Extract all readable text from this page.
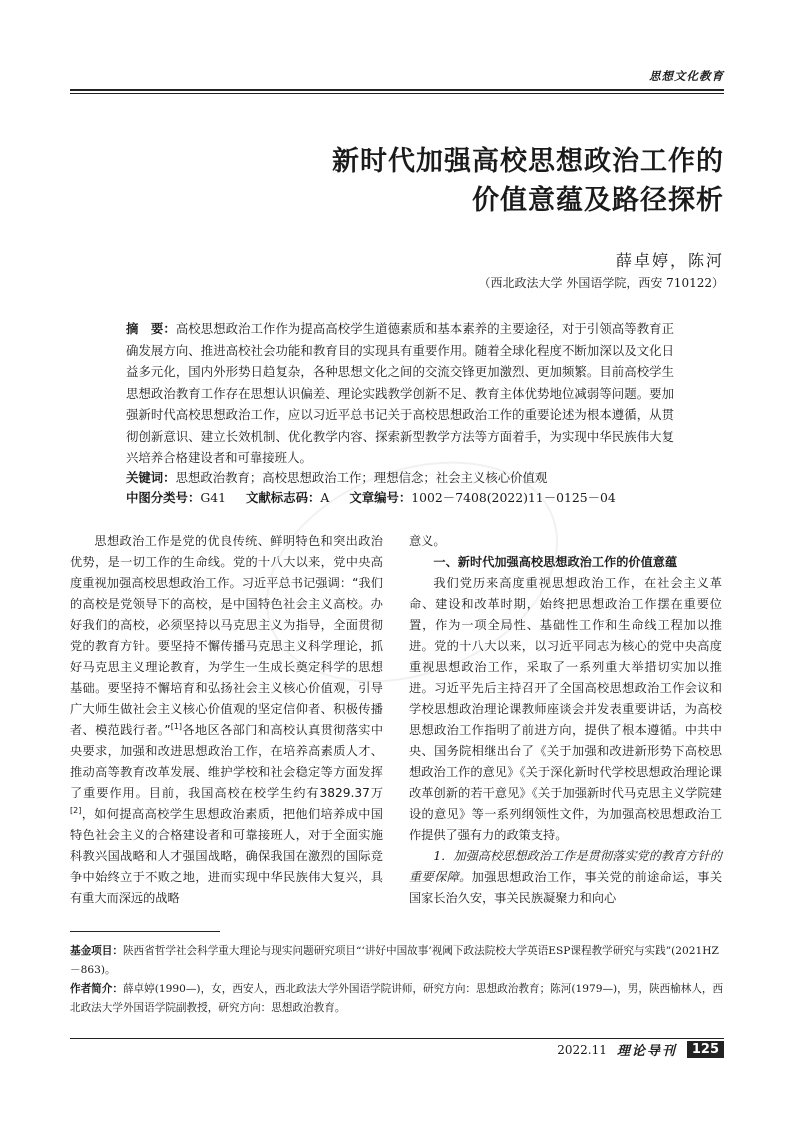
思想文化教育
新时代加强高校思想政治工作的
价值意蕴及路径探析
薛卓婷，陈河
（西北政法大学 外国语学院，西安 710122）
摘　要：高校思想政治工作作为提高高校学生道德素质和基本素养的主要途径，对于引领高等教育正确发展方向、推进高校社会功能和教育目的实现具有重要作用。随着全球化程度不断加深以及文化日益多元化，国内外形势日趋复杂，各种思想文化之间的交流交锋更加激烈、更加频繁。目前高校学生思想政治教育工作存在思想认识偏差、理论实践教学创新不足、教育主体优势地位减弱等问题。要加强新时代高校思想政治工作，应以习近平总书记关于高校思想政治工作的重要论述为根本遵循，从贯彻创新意识、建立长效机制、优化教学内容、探索新型教学方法等方面着手，为实现中华民族伟大复兴培养合格建设者和可靠接班人。
关键词：思想政治教育；高校思想政治工作；理想信念；社会主义核心价值观
中图分类号：G41 文献标志码：A 文章编号：1002－7408(2022)11－0125－04

思想政治工作是党的优良传统、鲜明特色和突出政治优势，是一切工作的生命线。党的十八大以来，党中央高度重视加强高校思想政治工作。习近平总书记强调：“我们的高校是党领导下的高校，是中国特色社会主义高校。办好我们的高校，必须坚持以马克思主义为指导，全面贯彻党的教育方针。要坚持不懈传播马克思主义科学理论，抓好马克思主义理论教育，为学生一生成长奠定科学的思想基础。要坚持不懈培育和弘扬社会主义核心价值观，引导广大师生做社会主义核心价值观的坚定信仰者、积极传播者、模范践行者。”[1]各地区各部门和高校认真贯彻落实中央要求，加强和改进思想政治工作，在培养高素质人才、推动高等教育改革发展、维护学校和社会稳定等方面发挥了重要作用。目前，我国高校在校学生约有3829.37万[2]，如何提高高校学生思想政治素质，把他们培养成中国特色社会主义的合格建设者和可靠接班人，对于全面实施科教兴国战略和人才强国战略，确保我国在激烈的国际竞争中始终立于不败之地，进而实现中华民族伟大复兴，具有重大而深远的战略

意义。

一、新时代加强高校思想政治工作的价值意蕴

我们党历来高度重视思想政治工作，在社会主义革命、建设和改革时期，始终把思想政治工作摆在重要位置，作为一项全局性、基础性工作和生命线工程加以推进。党的十八大以来，以习近平同志为核心的党中央高度重视思想政治工作，采取了一系列重大举措切实加以推进。习近平先后主持召开了全国高校思想政治工作会议和学校思想政治理论课教师座谈会并发表重要讲话，为高校思想政治工作指明了前进方向，提供了根本遵循。中共中央、国务院相继出台了《关于加强和改进新形势下高校思想政治工作的意见》《关于深化新时代学校思想政治理论课改革创新的若干意见》《关于加强新时代马克思主义学院建设的意见》等一系列纲领性文件，为加强高校思想政治工作提供了强有力的政策支持。

1．加强高校思想政治工作是贯彻落实党的教育方针的重要保障。加强思想政治工作，事关党的前途命运，事关国家长治久安，事关民族凝聚力和向心

基金项目：陕西省哲学社会科学重大理论与现实问题研究项目“‘讲好中国故事’视阈下政法院校大学英语ESP课程教学研究与实践”(2021HZ－863)。
作者简介：薛卓婷(1990—)，女，西安人，西北政法大学外国语学院讲师，研究方向：思想政治教育；陈河(1979—)，男，陕西榆林人，西北政法大学外国语学院副教授，研究方向：思想政治教育。
2022.11 理论导刊	125
